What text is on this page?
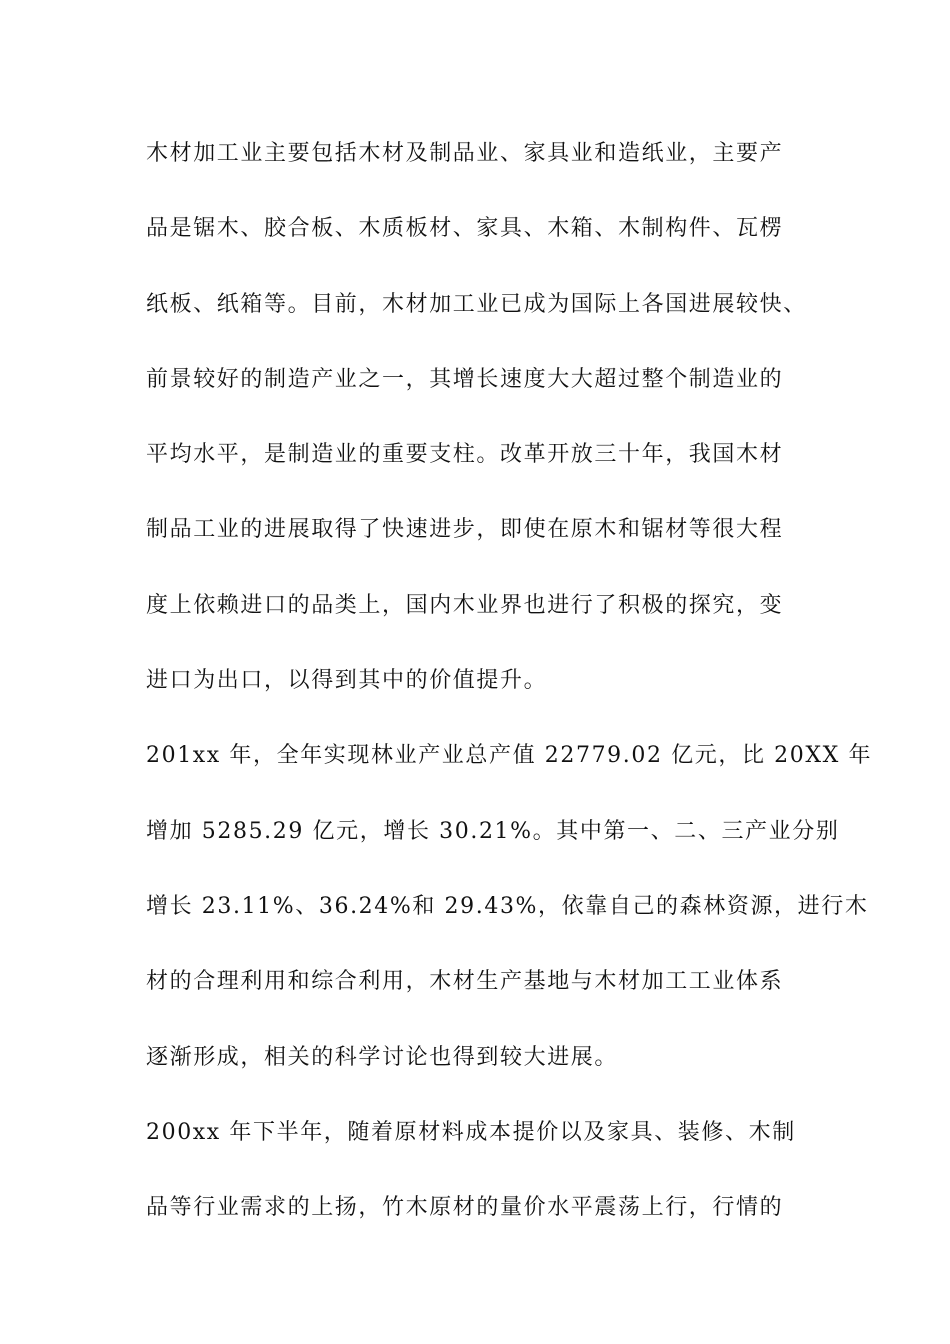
木材加工业主要包括木材及制品业、家具业和造纸业，主要产
品是锯木、胶合板、木质板材、家具、木箱、木制构件、瓦楞
纸板、纸箱等。目前，木材加工业已成为国际上各国进展较快、
前景较好的制造产业之一，其增长速度大大超过整个制造业的
平均水平，是制造业的重要支柱。改革开放三十年，我国木材
制品工业的进展取得了快速进步，即使在原木和锯材等很大程
度上依赖进口的品类上，国内木业界也进行了积极的探究，变
进口为出口，以得到其中的价值提升。
201xx 年，全年实现林业产业总产值 22779.02 亿元，比 20XX 年
增加 5285.29 亿元，增长 30.21%。其中第一、二、三产业分别
增长 23.11%、36.24%和 29.43%，依靠自己的森林资源，进行木
材的合理利用和综合利用，木材生产基地与木材加工工业体系
逐渐形成，相关的科学讨论也得到较大进展。
200xx 年下半年，随着原材料成本提价以及家具、装修、木制
品等行业需求的上扬，竹木原材的量价水平震荡上行，行情的
